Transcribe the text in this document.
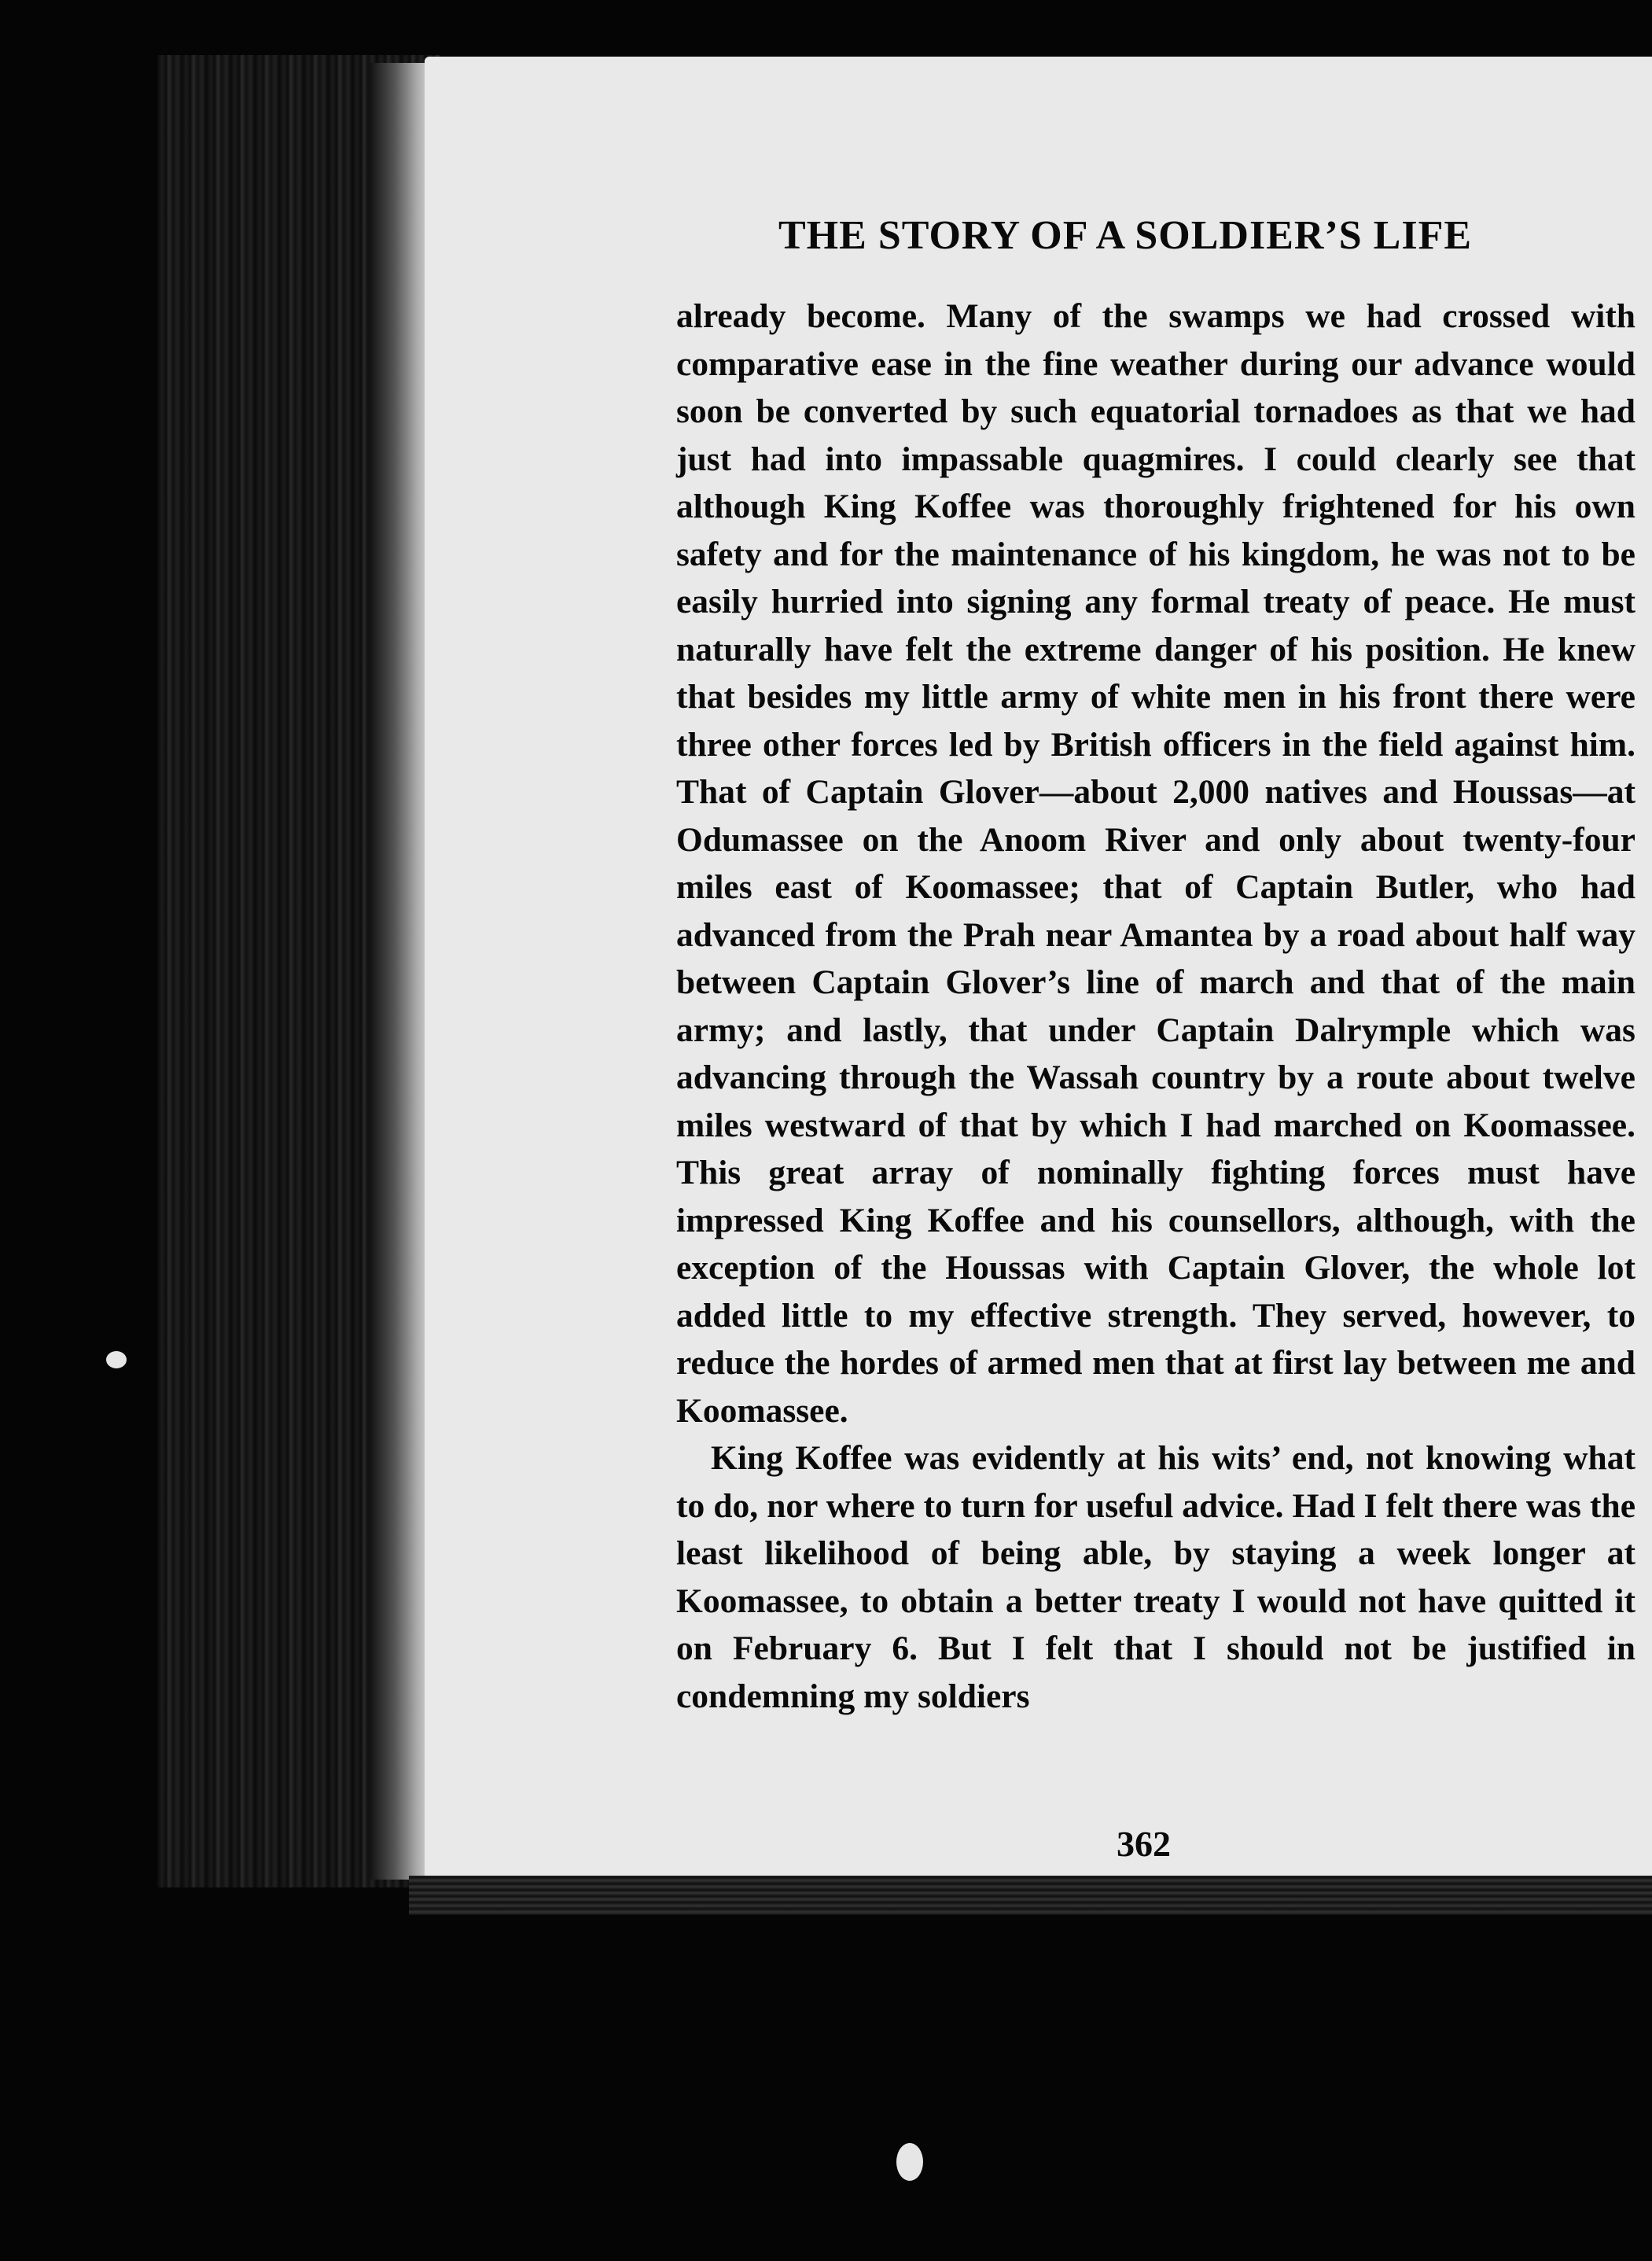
THE STORY OF A SOLDIER’S LIFE

already become. Many of the swamps we had crossed with comparative ease in the fine weather during our advance would soon be converted by such equatorial tornadoes as that we had just had into impassable quagmires. I could clearly see that although King Koffee was thoroughly frightened for his own safety and for the maintenance of his kingdom, he was not to be easily hurried into signing any formal treaty of peace. He must naturally have felt the extreme danger of his position. He knew that besides my little army of white men in his front there were three other forces led by British officers in the field against him. That of Captain Glover—about 2,000 natives and Houssas—at Odumassee on the Anoom River and only about twenty-four miles east of Koomassee; that of Captain Butler, who had advanced from the Prah near Amantea by a road about half way between Captain Glover’s line of march and that of the main army; and lastly, that under Captain Dalrymple which was advancing through the Wassah country by a route about twelve miles westward of that by which I had marched on Koomassee. This great array of nominally fighting forces must have impressed King Koffee and his counsellors, although, with the exception of the Houssas with Captain Glover, the whole lot added little to my effective strength. They served, however, to reduce the hordes of armed men that at first lay between me and Koomassee.

King Koffee was evidently at his wits’ end, not knowing what to do, nor where to turn for useful advice. Had I felt there was the least likelihood of being able, by staying a week longer at Koomassee, to obtain a better treaty I would not have quitted it on February 6. But I felt that I should not be justified in condemning my soldiers

362
